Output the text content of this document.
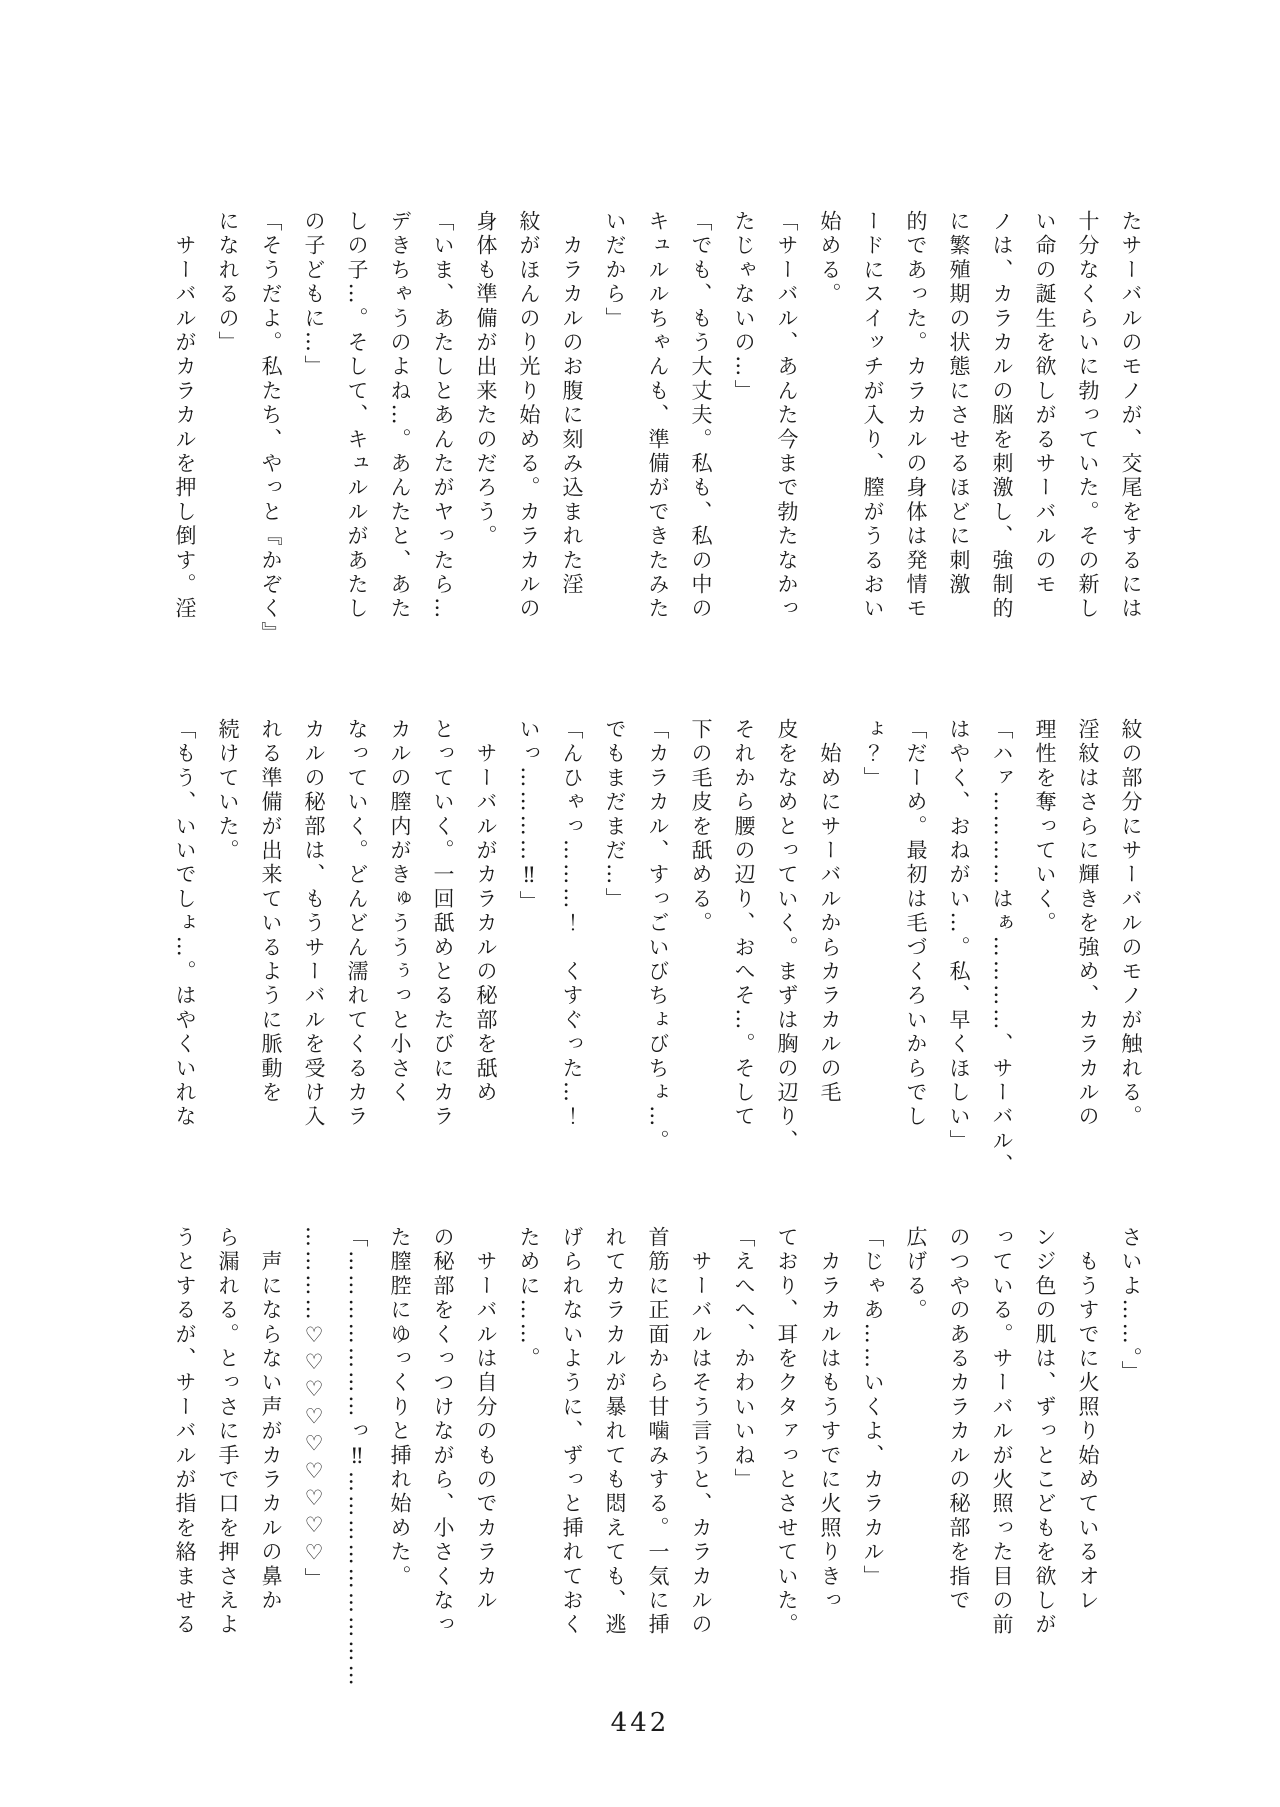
たサーバルのモノが、交尾をするには

十分なくらいに勃っていた。その新し

い命の誕生を欲しがるサーバルのモ

ノは、カラカルの脳を刺激し、強制的

に繁殖期の状態にさせるほどに刺激

的であった。カラカルの身体は発情モ

ードにスイッチが入り、膣がうるおい

始める。

「サーバル、あんた今まで勃たなかっ

たじゃないの…」

「でも、もう大丈夫。私も、私の中の

キュルルちゃんも、準備ができたみた

いだから」

　カラカルのお腹に刻み込まれた淫

紋がほんのり光り始める。カラカルの

身体も準備が出来たのだろう。

「いま、あたしとあんたがヤったら…

デきちゃうのよね…。あんたと、あた

しの子…。そして、キュルルがあたし

の子どもに…」

「そうだよ。私たち、やっと『かぞく』

になれるの」

　サーバルがカラカルを押し倒す。淫

紋の部分にサーバルのモノが触れる。

淫紋はさらに輝きを強め、カラカルの

理性を奪っていく。

「ハァ…………はぁ…………、サーバル、

はやく、おねがい…。私、早くほしい」

「だーめ。最初は毛づくろいからでし

ょ？」

　始めにサーバルからカラカルの毛

皮をなめとっていく。まずは胸の辺り、

それから腰の辺り、おへそ…。そして

下の毛皮を舐める。

「カラカル、すっごいびちょびちょ…。

でもまだまだ…」

「んひゃっ………！　くすぐった…！

いっ…………‼」

　サーバルがカラカルの秘部を舐め

とっていく。一回舐めとるたびにカラ

カルの膣内がきゅううぅっと小さく

なっていく。どんどん濡れてくるカラ

カルの秘部は、もうサーバルを受け入

れる準備が出来ているように脈動を

続けていた。

「もう、いいでしょ…。はやくいれな

さいよ……。」

　もうすでに火照り始めているオレ

ンジ色の肌は、ずっとこどもを欲しが

っている。サーバルが火照った目の前

のつやのあるカラカルの秘部を指で

広げる。

「じゃあ……いくよ、カラカル」

　カラカルはもうすでに火照りきっ

ており、耳をクタァっとさせていた。

「えへへ、かわいいね」

　サーバルはそう言うと、カラカルの

首筋に正面から甘噛みする。一気に挿

れてカラカルが暴れても悶えても、逃

げられないように、ずっと挿れておく

ために……。

　サーバルは自分のものでカラカル

の秘部をくっつけながら、小さくなっ

た膣腔にゆっくりと挿れ始めた。

「…………………っ‼………………………

…………♡♡♡♡♡♡♡♡♡」

　声にならない声がカラカルの鼻か

ら漏れる。とっさに手で口を押さえよ

うとするが、サーバルが指を絡ませる

442
